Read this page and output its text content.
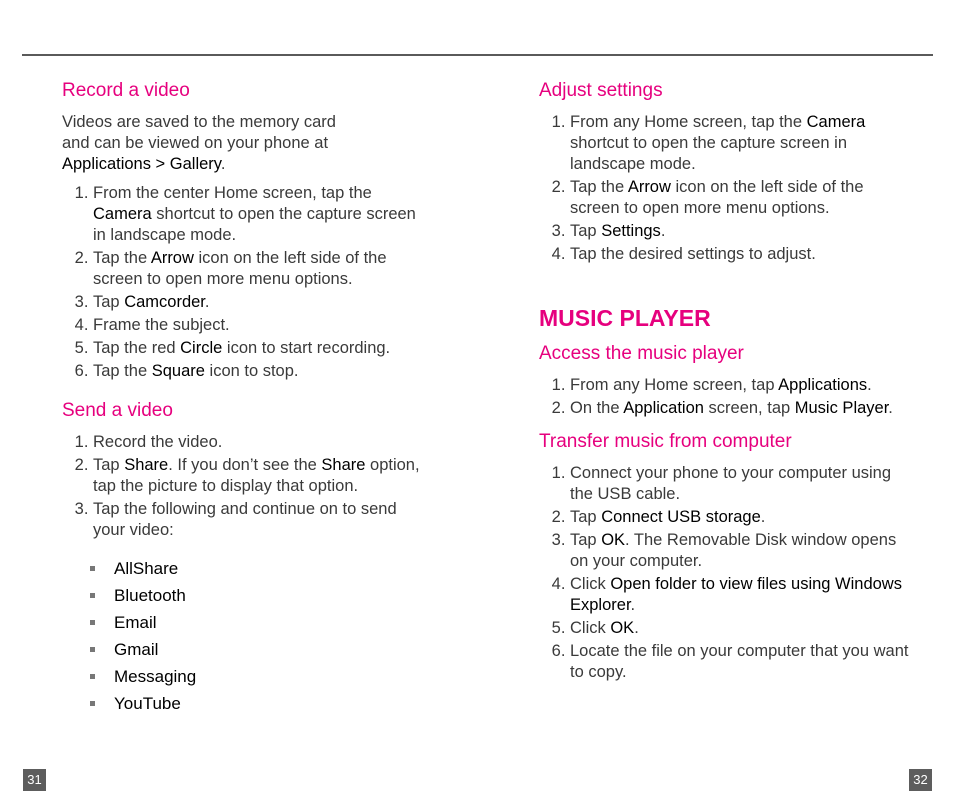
Record a video

Videos are saved to the memory card
and can be viewed on your phone at
Applications > Gallery.

1. From the center Home screen, tap the Camera shortcut to open the capture screen in landscape mode.
2. Tap the Arrow icon on the left side of the screen to open more menu options.
3. Tap Camcorder.
4. Frame the subject.
5. Tap the red Circle icon to start recording.
6. Tap the Square icon to stop.
Send a video
1. Record the video.
2. Tap Share. If you don’t see the Share option, tap the picture to display that option.
3. Tap the following and continue on to send your video:
AllShare
Bluetooth
Email
Gmail
Messaging
YouTube
Adjust settings
1. From any Home screen, tap the Camera shortcut to open the capture screen in landscape mode.
2. Tap the Arrow icon on the left side of the screen to open more menu options.
3. Tap Settings.
4. Tap the desired settings to adjust.
MUSIC PLAYER
Access the music player
1. From any Home screen, tap Applications.
2. On the Application screen, tap Music Player.
Transfer music from computer
1. Connect your phone to your computer using the USB cable.
2. Tap Connect USB storage.
3. Tap OK. The Removable Disk window opens on your computer.
4. Click Open folder to view files using Windows Explorer.
5. Click OK.
6. Locate the file on your computer that you want to copy.
31	32
